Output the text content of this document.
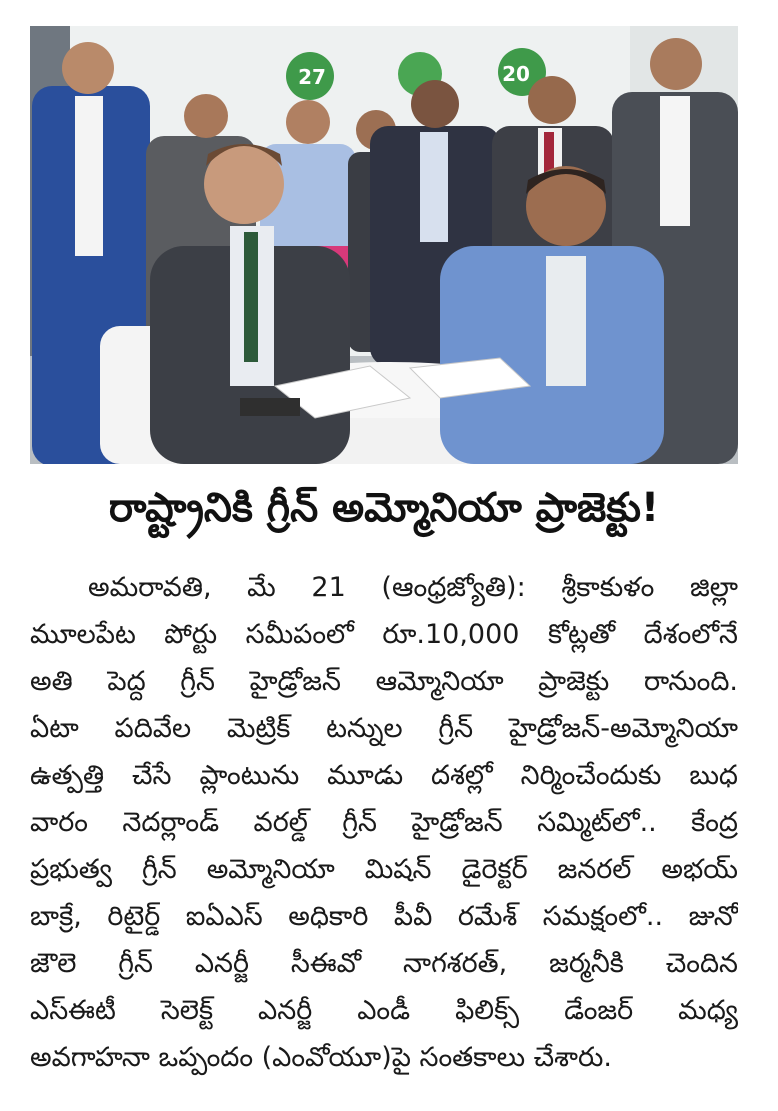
27	20
రాష్ట్రానికి గ్రీన్ అమ్మోనియా ప్రాజెక్టు!
అమరావతి, మే 21 (ఆంధ్రజ్యోతి): శ్రీకాకుళం జిల్లా
మూలపేట పోర్టు సమీపంలో రూ.10,000 కోట్లతో దేశంలోనే
అతి పెద్ద గ్రీన్ హైడ్రోజన్ ఆమ్మోనియా ప్రాజెక్టు రానుంది.
ఏటా పదివేల మెట్రిక్ టన్నుల గ్రీన్ హైడ్రోజన్-అమ్మోనియా
ఉత్పత్తి చేసే ప్లాంటును మూడు దశల్లో నిర్మించేందుకు బుధ
వారం నెదర్లాండ్ వరల్డ్ గ్రీన్ హైడ్రోజన్ సమ్మిట్‌లో.. కేంద్ర
ప్రభుత్వ గ్రీన్ అమ్మోనియా మిషన్ డైరెక్టర్ జనరల్ అభయ్
బాక్రే, రిటైర్డ్ ఐఏఎస్ అధికారి పీవీ రమేశ్ సమక్షంలో.. జునో
జౌలె గ్రీన్ ఎనర్జీ సీఈవో నాగశరత్, జర్మనీకి చెందిన
ఎస్ఈటీ సెలెక్ట్ ఎనర్జీ ఎండీ ఫిలిక్స్ డేంజర్ మధ్య
అవగాహనా ఒప్పందం (ఎంవోయూ)పై సంతకాలు చేశారు.
